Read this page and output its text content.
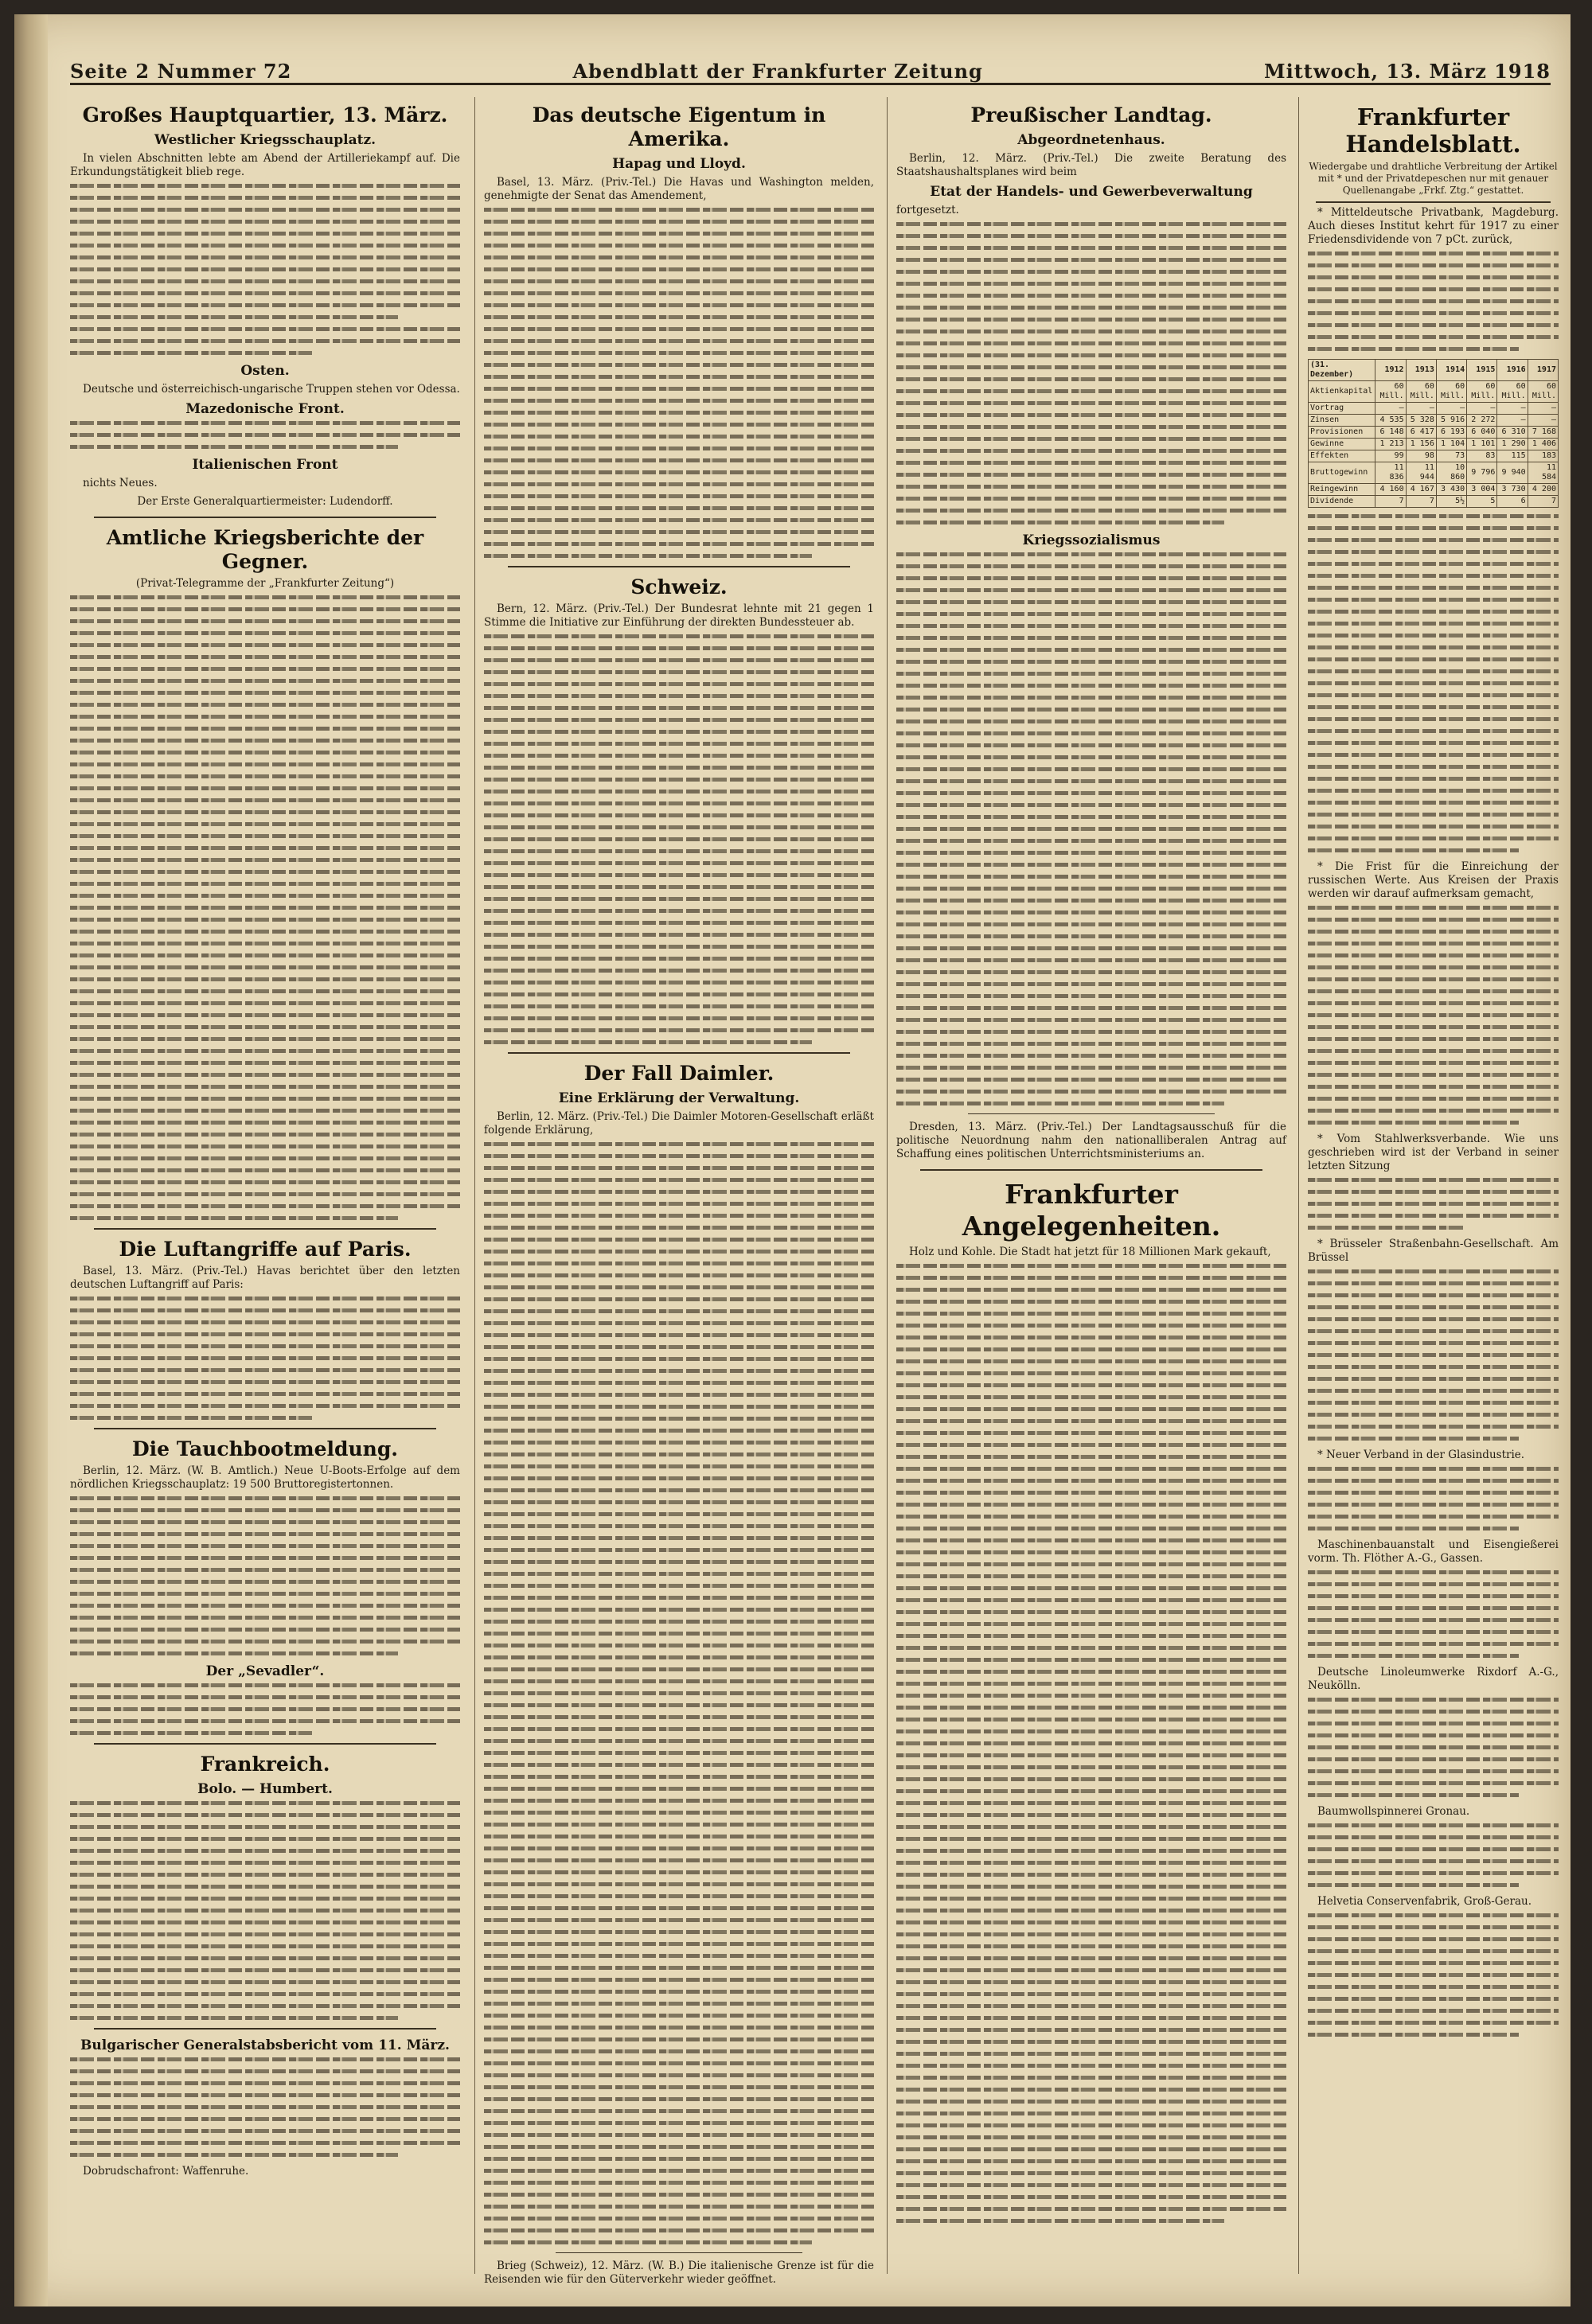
Seite 2 Nummer 72	Abendblatt der Frankfurter Zeitung	Mittwoch, 13. März 1918
Großes Hauptquartier, 13. März.
Westlicher Kriegsschauplatz.

In vielen Abschnitten lebte am Abend der Artilleriekampf auf. Die Erkundungstätigkeit blieb rege.

Osten.

Deutsche und österreichisch-ungarische Truppen stehen vor Odessa.

Mazedonische Front.
Italienischen Front

nichts Neues.

Der Erste Generalquartiermeister: Ludendorff.

Amtliche Kriegsberichte der Gegner.

(Privat-Telegramme der „Frankfurter Zeitung“)

Die Luftangriffe auf Paris.

Basel, 13. März. (Priv.-Tel.) Havas berichtet über den letzten deutschen Luftangriff auf Paris:

Die Tauchbootmeldung.

Berlin, 12. März. (W. B. Amtlich.) Neue U-Boots-Erfolge auf dem nördlichen Kriegsschauplatz: 19 500 Bruttoregistertonnen.

Der „Sevadler“.
Frankreich.
Bolo. — Humbert.
Bulgarischer Generalstabsbericht vom 11. März.

Dobrudschafront: Waffenruhe.

Das deutsche Eigentum in Amerika.
Hapag und Lloyd.

Basel, 13. März. (Priv.-Tel.) Die Havas und Washington melden, genehmigte der Senat das Amendement,

Schweiz.

Bern, 12. März. (Priv.-Tel.) Der Bundesrat lehnte mit 21 gegen 1 Stimme die Initiative zur Einführung der direkten Bundessteuer ab.

Der Fall Daimler.
Eine Erklärung der Verwaltung.

Berlin, 12. März. (Priv.-Tel.) Die Daimler Motoren-Gesellschaft erläßt folgende Erklärung,

Brieg (Schweiz), 12. März. (W. B.) Die italienische Grenze ist für die Reisenden wie für den Güterverkehr wieder geöffnet.

Preußischer Landtag.
Abgeordnetenhaus.

Berlin, 12. März. (Priv.-Tel.) Die zweite Beratung des Staatshaushaltsplanes wird beim

Etat der Handels- und Gewerbeverwaltung

fortgesetzt.

Kriegssozialismus

Dresden, 13. März. (Priv.-Tel.) Der Landtagsausschuß für die politische Neuordnung nahm den nationalliberalen Antrag auf Schaffung eines politischen Unterrichtsministeriums an.

Frankfurter Angelegenheiten.

Holz und Kohle. Die Stadt hat jetzt für 18 Millionen Mark gekauft,

Frankfurter Handelsblatt.

Wiedergabe und drahtliche Verbreitung der Artikel mit * und der Privatdepeschen nur mit genauer Quellenangabe „Frkf. Ztg.“ gestattet.

* Mitteldeutsche Privatbank, Magdeburg. Auch dieses Institut kehrt für 1917 zu einer Friedensdividende von 7 pCt. zurück,

(31. Dezember)	1912	1913	1914	1915	1916	1917
Aktienkapital	60 Mill.	60 Mill.	60 Mill.	60 Mill.	60 Mill.	60 Mill.
Vortrag	—	—	—	—	—	—
Zinsen	4 535	5 328	5 916	2 272	—	—
Provisionen	6 148	6 417	6 193	6 040	6 310	7 168
Gewinne	1 213	1 156	1 104	1 101	1 290	1 406
Effekten	99	98	73	83	115	183
Bruttogewinn	11 836	11 944	10 860	9 796	9 940	11 584
Reingewinn	4 160	4 167	3 430	3 004	3 730	4 200
Dividende	7	7	5½	5	6	7

* Die Frist für die Einreichung der russischen Werte. Aus Kreisen der Praxis werden wir darauf aufmerksam gemacht,

* Vom Stahlwerksverbande. Wie uns geschrieben wird ist der Verband in seiner letzten Sitzung

* Brüsseler Straßenbahn-Gesellschaft. Am Brüssel

* Neuer Verband in der Glasindustrie.

Maschinenbauanstalt und Eisengießerei vorm. Th. Flöther A.-G., Gassen.

Deutsche Linoleumwerke Rixdorf A.-G., Neukölln.

Baumwollspinnerei Gronau.

Helvetia Conservenfabrik, Groß-Gerau.
